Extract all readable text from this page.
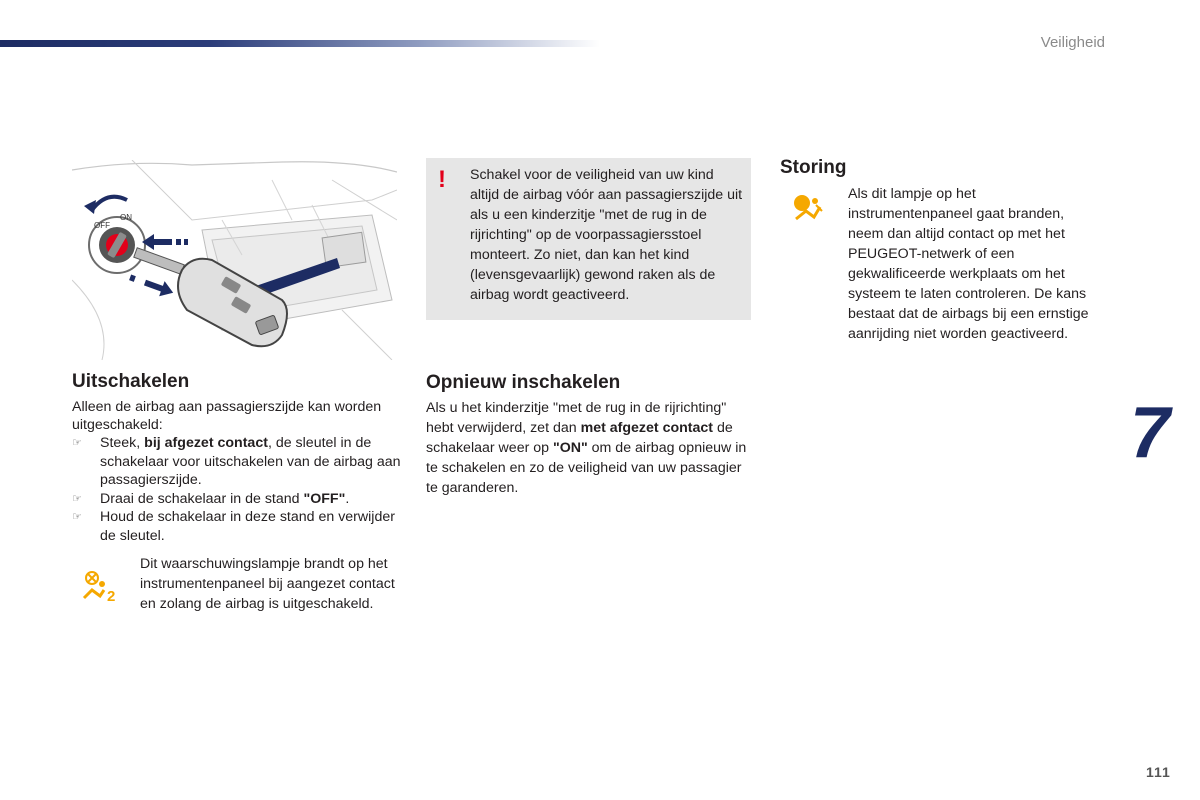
Veiligheid
OFF
ON
Uitschakelen

Alleen de airbag aan passagierszijde kan worden uitgeschakeld:

☞ Steek, bij afgezet contact, de sleutel in de schakelaar voor uitschakelen van de airbag aan passagierszijde.
☞ Draai de schakelaar in de stand "OFF".
☞ Houd de schakelaar in deze stand en verwijder de sleutel.
2
Dit waarschuwingslampje brandt op het instrumentenpaneel bij aangezet contact en zolang de airbag is uitgeschakeld.
! Schakel voor de veiligheid van uw kind altijd de airbag vóór aan passagierszijde uit als u een kinderzitje "met de rug in de rijrichting" op de voorpassagiersstoel monteert. Zo niet, dan kan het kind (levensgevaarlijk) gewond raken als de airbag wordt geactiveerd.
Opnieuw inschakelen
Als u het kinderzitje "met de rug in de rijrichting" hebt verwijderd, zet dan met afgezet contact de schakelaar weer op "ON" om de airbag opnieuw in te schakelen en zo de veiligheid van uw passagier te garanderen.
Storing
Als dit lampje op het instrumentenpaneel gaat branden, neem dan altijd contact op met het PEUGEOT-netwerk of een gekwalificeerde werkplaats om het systeem te laten controleren. De kans bestaat dat de airbags bij een ernstige aanrijding niet worden geactiveerd.
7
111
